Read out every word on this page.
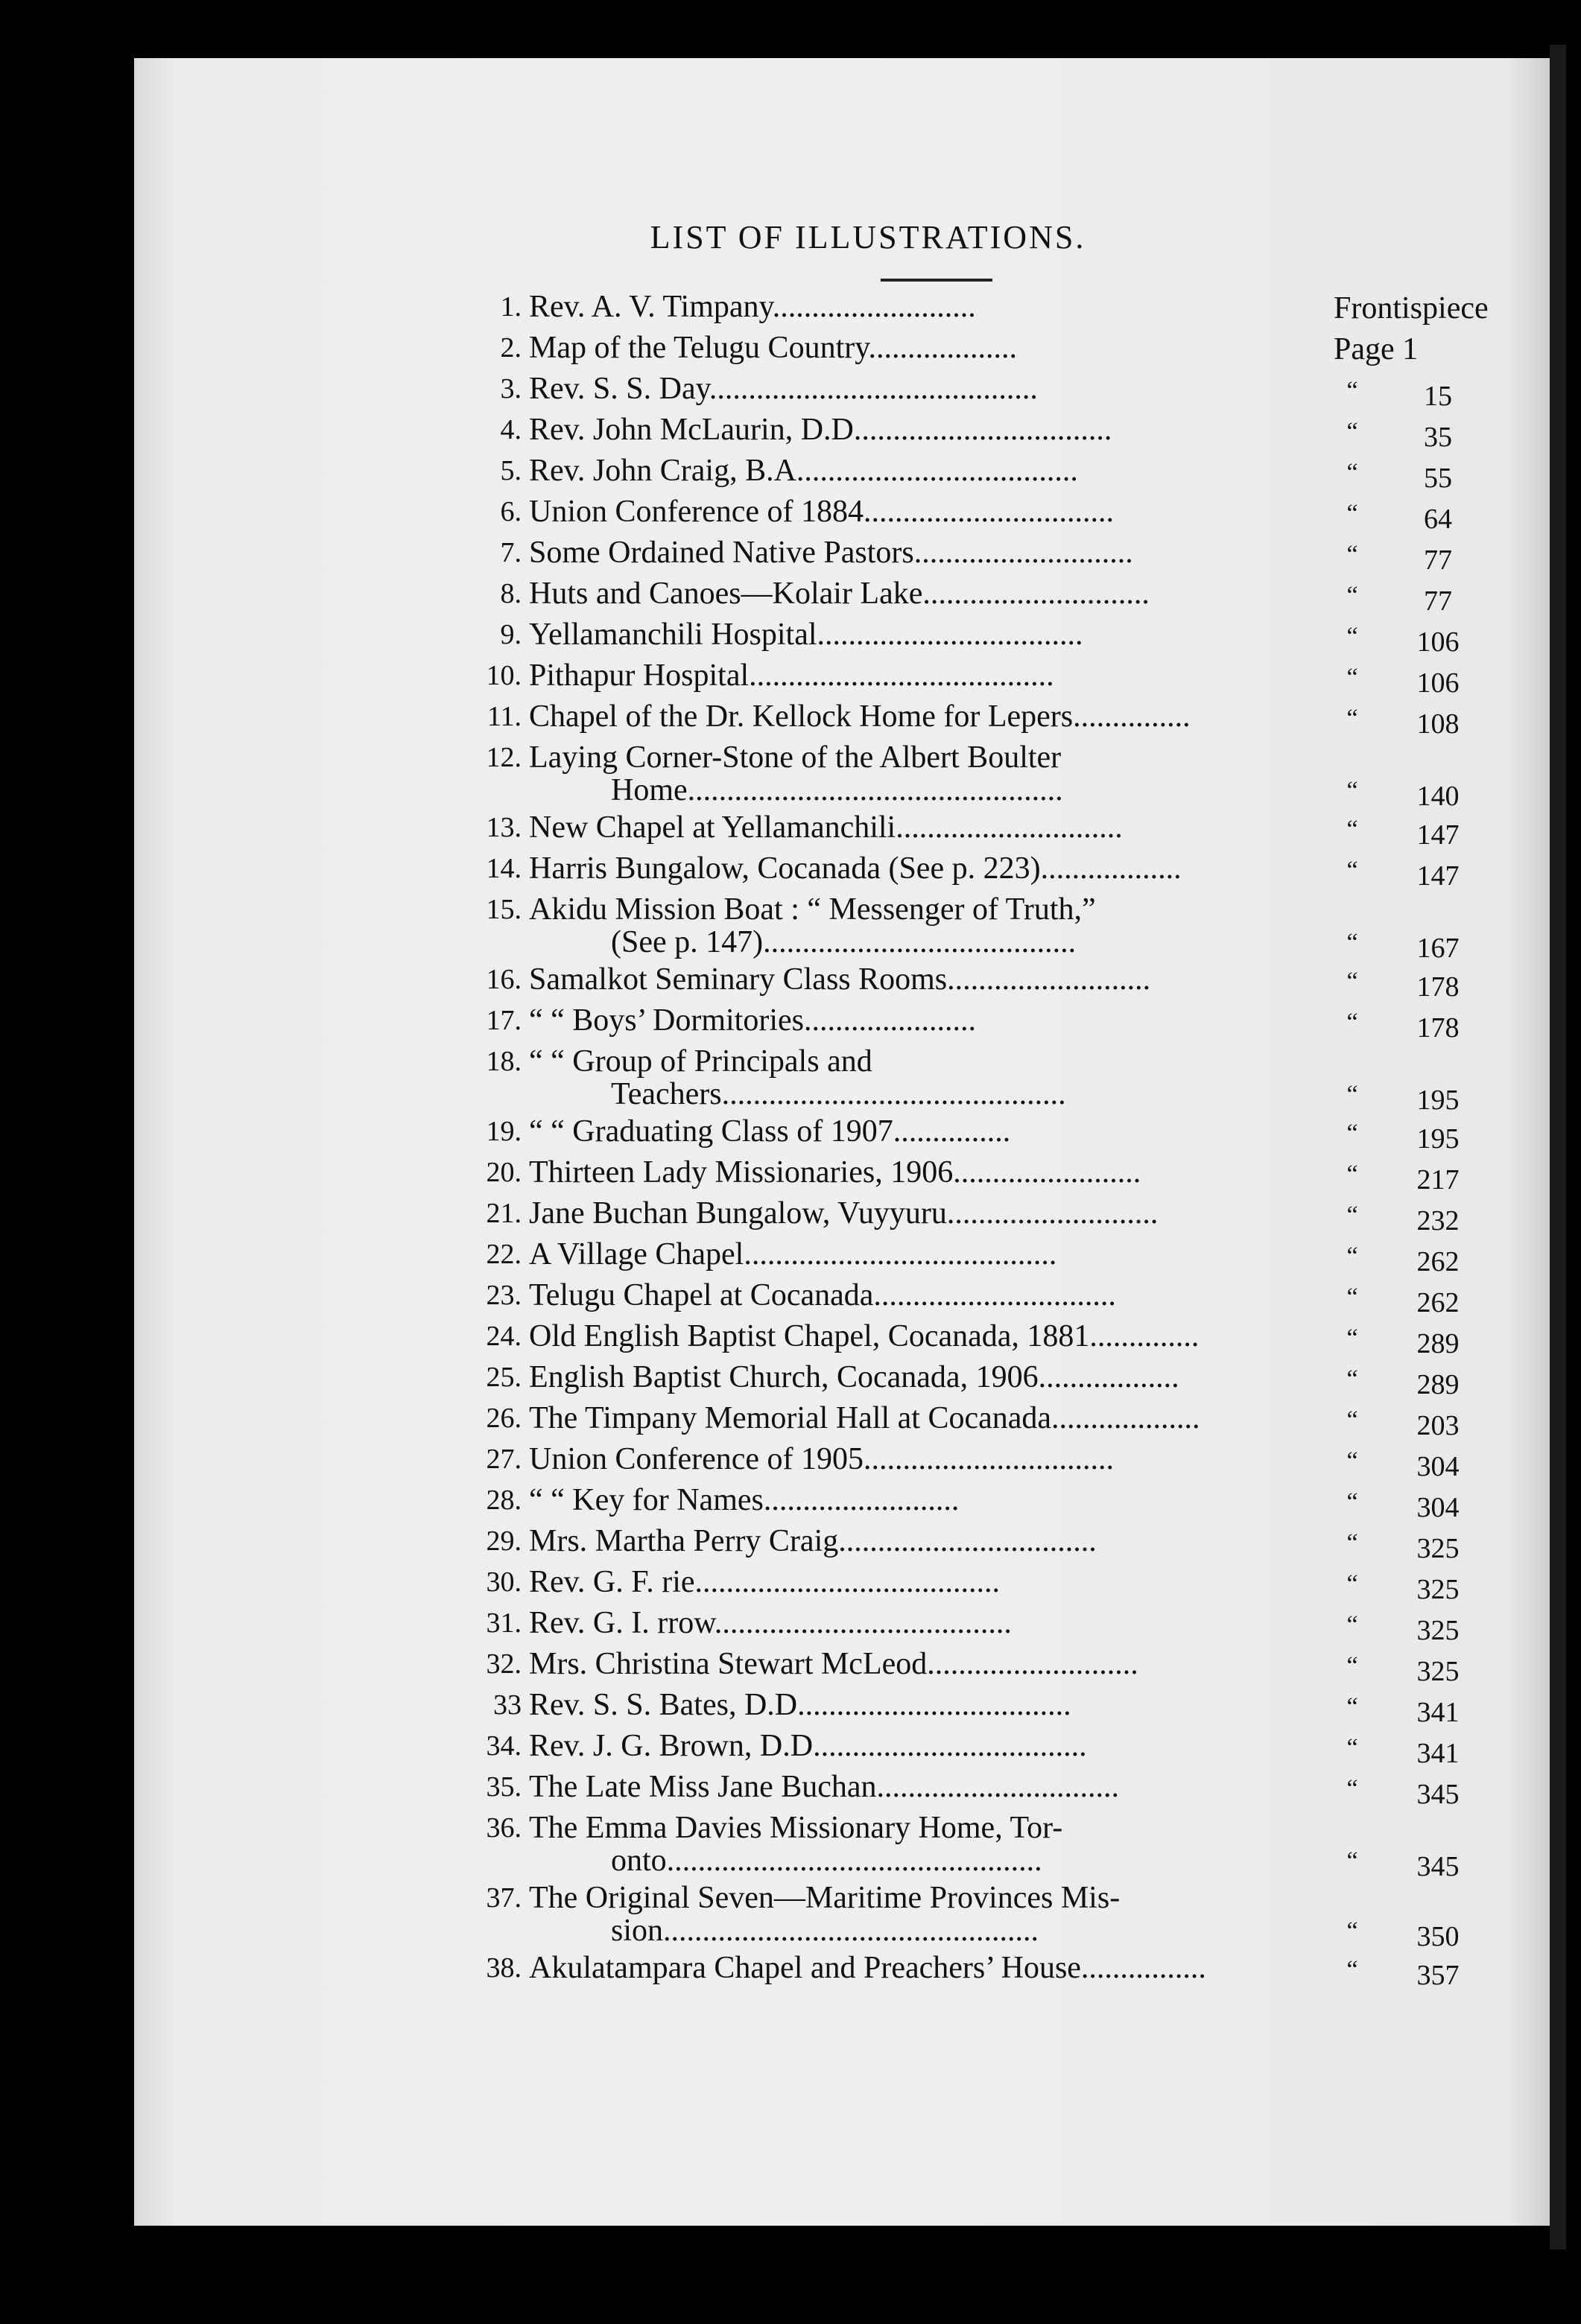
LIST OF ILLUSTRATIONS.
1. Rev. A. V. Timpany..........................	Frontispiece
2. Map of the Telugu Country...................	Page 1
3. Rev. S. S. Day..........................................	“	15
4. Rev. John McLaurin, D.D.................................	“	35
5. Rev. John Craig, B.A....................................	“	55
6. Union Conference of 1884................................	“	64
7. Some Ordained Native Pastors............................	“	77
8. Huts and Canoes—Kolair Lake.............................	“	77
9. Yellamanchili Hospital..................................	“	106
10. Pithapur Hospital.......................................	“	106
11. Chapel of the Dr. Kellock Home for Lepers...............	“	108
12. Laying Corner-Stone of the Albert Boulter
Home................................................	“	140
13. New Chapel at Yellamanchili.............................	“	147
14. Harris Bungalow, Cocanada (See p. 223)..................	“	147
15. Akidu Mission Boat : “ Messenger of Truth,”
(See p. 147)........................................	“	167
16. Samalkot Seminary Class Rooms..........................	“	178
17. “ “ Boys’ Dormitories......................	“	178
18. “ “ Group of Principals and
Teachers............................................	“	195
19. “ “ Graduating Class of 1907...............	“	195
20. Thirteen Lady Missionaries, 1906........................	“	217
21. Jane Buchan Bungalow, Vuyyuru...........................	“	232
22. A Village Chapel........................................	“	262
23. Telugu Chapel at Cocanada...............................	“	262
24. Old English Baptist Chapel, Cocanada, 1881..............	“	289
25. English Baptist Church, Cocanada, 1906..................	“	289
26. The Timpany Memorial Hall at Cocanada...................	“	203
27. Union Conference of 1905................................	“	304
28. “ “ Key for Names.........................	“	304
29. Mrs. Martha Perry Craig.................................	“	325
30. Rev. G. F. rie.......................................	“	325
31. Rev. G. I. rrow......................................	“	325
32. Mrs. Christina Stewart McLeod...........................	“	325
33 Rev. S. S. Bates, D.D...................................	“	341
34. Rev. J. G. Brown, D.D...................................	“	341
35. The Late Miss Jane Buchan...............................	“	345
36. The Emma Davies Missionary Home, Tor-
onto................................................	“	345
37. The Original Seven—Maritime Provinces Mis-
sion................................................	“	350
38. Akulatampara Chapel and Preachers’ House................	“	357
